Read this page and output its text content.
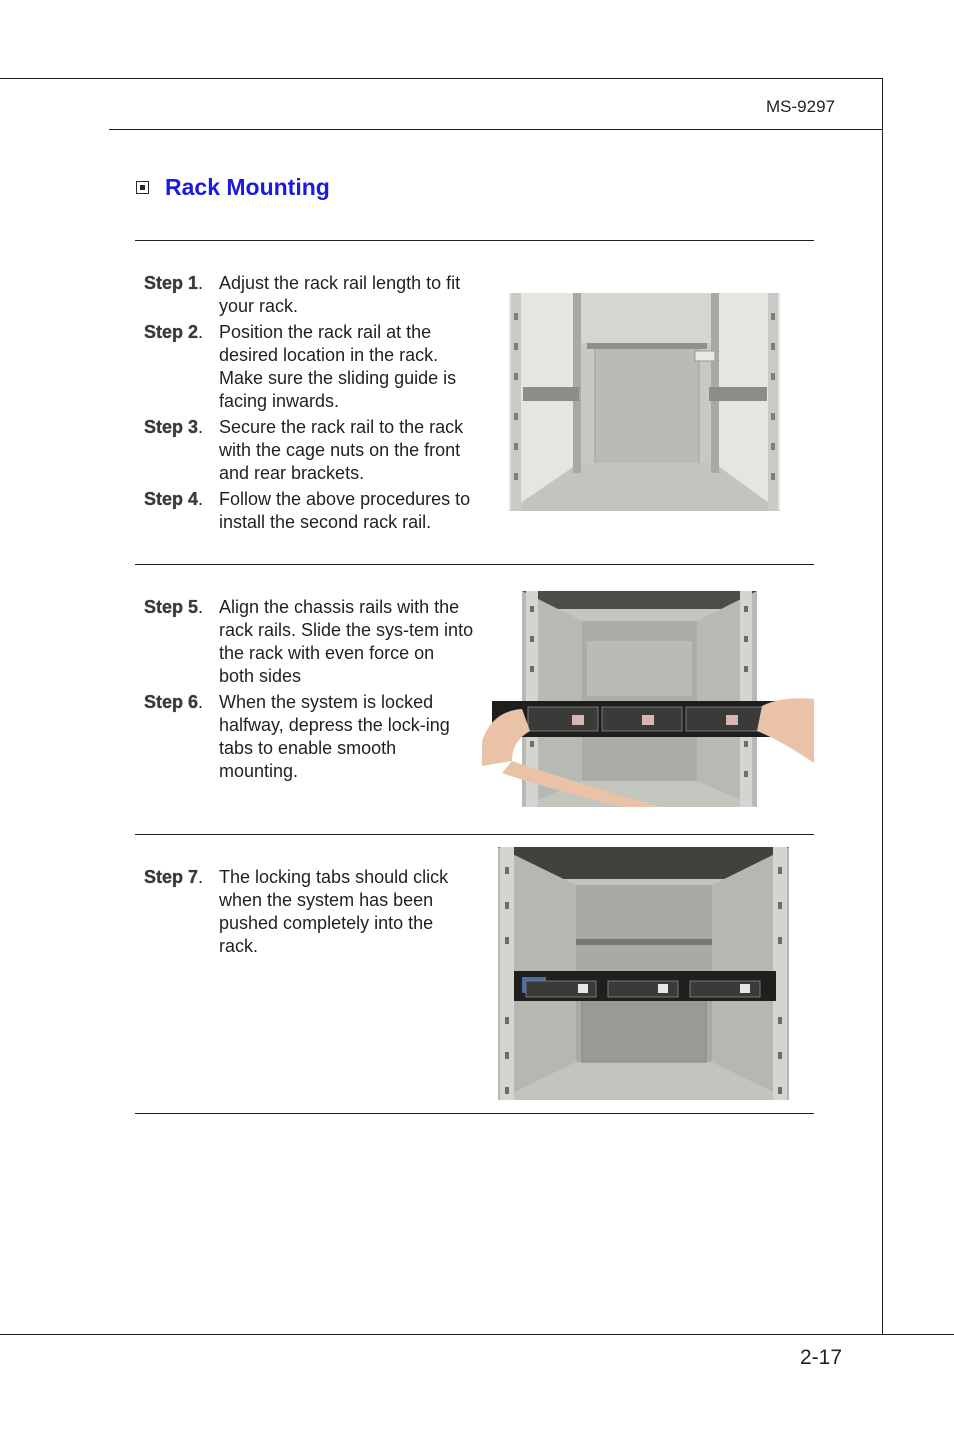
MS-9297
Rack Mounting
Step 1. Adjust the rack rail length to fit your rack.
Step 2. Position the rack rail at the desired location in the rack. Make sure the sliding guide is facing inwards.
Step 3. Secure the rack rail to the rack with the cage nuts on the front and rear brackets.
Step 4. Follow the above procedures to install the second rack rail.
Step 5. Align the chassis rails with the rack rails. Slide the sys-tem into the rack with even force on both sides
Step 6. When the system is locked halfway, depress the lock-ing tabs to enable smooth mounting.
Step 7. The locking tabs should click when the system has been pushed completely into the rack.
2-17
